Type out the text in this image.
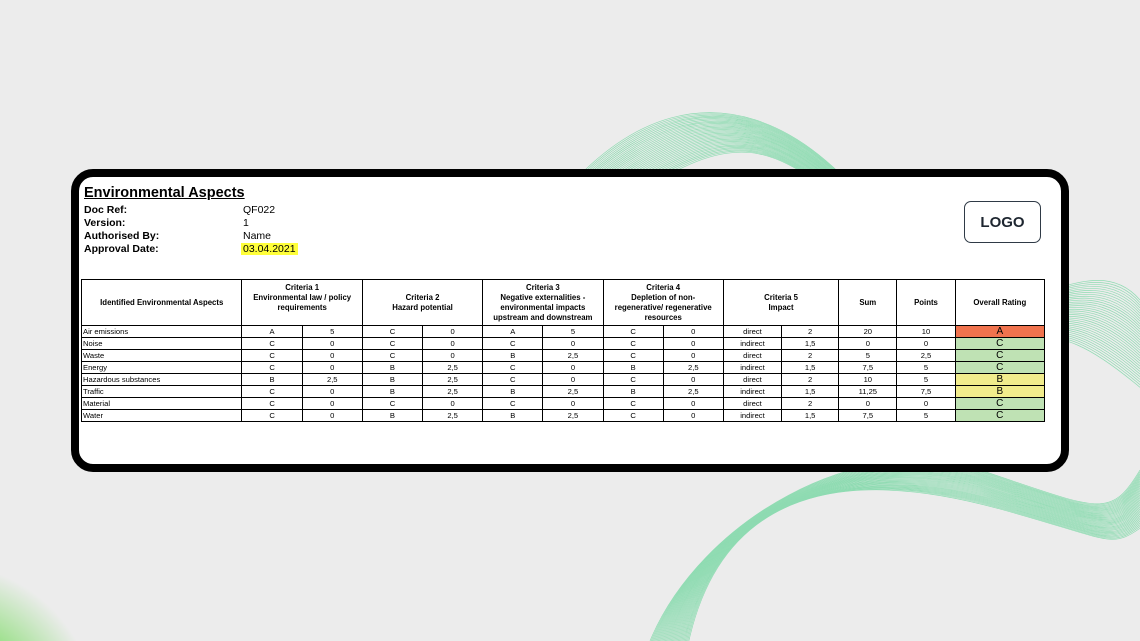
Environmental Aspects
Doc Ref:	QF022
Version:	1
Authorised By:	Name
Approval Date:	03.04.2021
LOGO
Identified Environmental Aspects	Criteria 1
Environmental law / policy
requirements		Criteria 2
Hazard potential		Criteria 3
Negative externalities -
environmental impacts
upstream and downstream		Criteria 4
Depletion of non-
regenerative/ regenerative
resources		Criteria 5
Impact		Sum	Points	Overall Rating
Air emissions	A	5	C	0	A	5	C	0	direct	2	20	10	A
Noise	C	0	C	0	C	0	C	0	indirect	1,5	0	0	C
Waste	C	0	C	0	B	2,5	C	0	direct	2	5	2,5	C
Energy	C	0	B	2,5	C	0	B	2,5	indirect	1,5	7,5	5	C
Hazardous substances	B	2,5	B	2,5	C	0	C	0	direct	2	10	5	B
Traffic	C	0	B	2,5	B	2,5	B	2,5	indirect	1,5	11,25	7,5	B
Material	C	0	C	0	C	0	C	0	direct	2	0	0	C
Water	C	0	B	2,5	B	2,5	C	0	indirect	1,5	7,5	5	C
